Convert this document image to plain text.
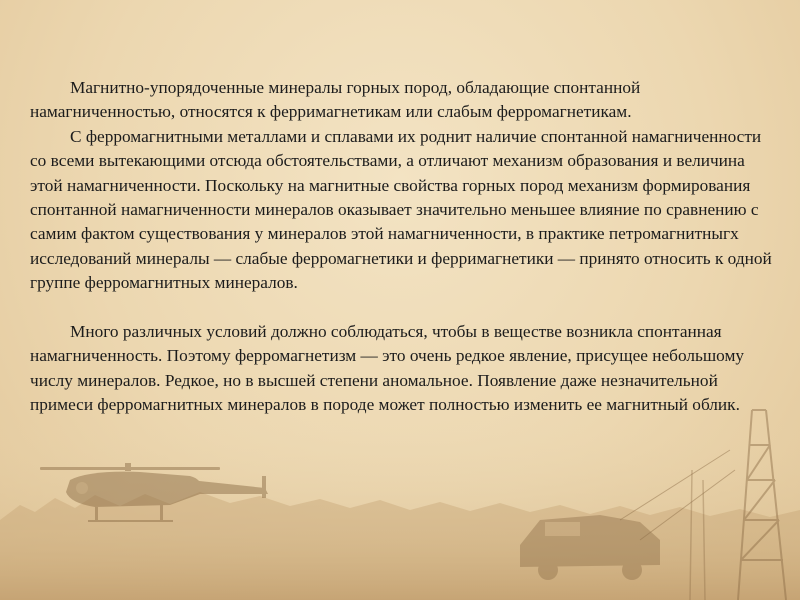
Магнитно-упорядоченные минералы горных пород, обладающие спонтанной намагниченностью, относятся к ферримагнетикам или слабым ферромагнетикам.

С ферромагнитными металлами и сплавами их роднит наличие спонтанной намагниченности со всеми вытекающими отсюда обстоятельствами, а отличают механизм образования и величина этой намагниченности. Поскольку на магнитные свойства горных пород механизм формирования спонтанной намагниченности минералов оказывает значительно меньшее влияние по сравнению с самим фактом существования у минералов этой намагниченности, в практике петромагнитныгх исследований минералы — слабые ферромагнетики и ферримагнетики — принято относить к одной группе ферромагнитных минералов.

Много различных условий должно соблюдаться, чтобы в веществе возникла спонтанная намагниченность. Поэтому ферромагнетизм — это очень редкое явление, присущее небольшому числу минералов. Редкое, но в высшей степени аномальное. Появление даже незначительной примеси ферромагнитных минералов в породе может полностью изменить ее магнитный облик.
